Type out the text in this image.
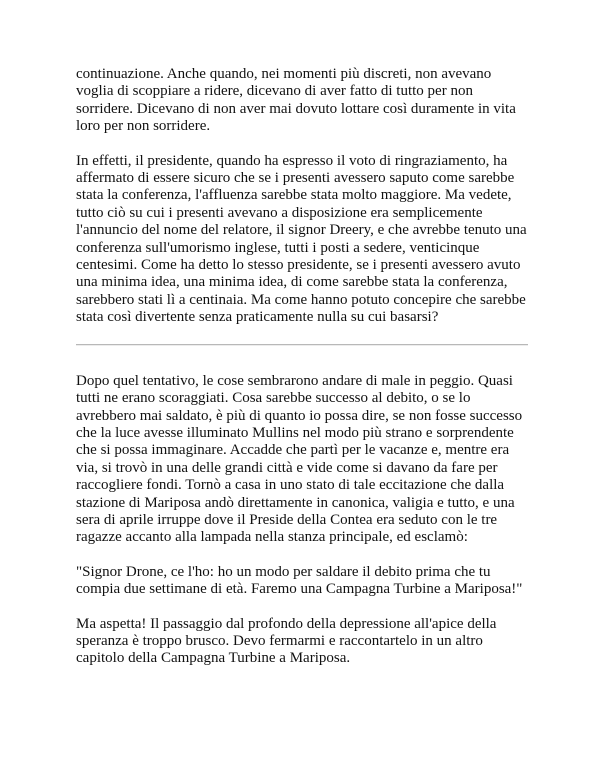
continuazione. Anche quando, nei momenti più discreti, non avevano voglia di scoppiare a ridere, dicevano di aver fatto di tutto per non sorridere. Dicevano di non aver mai dovuto lottare così duramente in vita loro per non sorridere.

In effetti, il presidente, quando ha espresso il voto di ringraziamento, ha affermato di essere sicuro che se i presenti avessero saputo come sarebbe stata la conferenza, l'affluenza sarebbe stata molto maggiore. Ma vedete, tutto ciò su cui i presenti avevano a disposizione era semplicemente l'annuncio del nome del relatore, il signor Dreery, e che avrebbe tenuto una conferenza sull'umorismo inglese, tutti i posti a sedere, venticinque centesimi. Come ha detto lo stesso presidente, se i presenti avessero avuto una minima idea, una minima idea, di come sarebbe stata la conferenza, sarebbero stati lì a centinaia. Ma come hanno potuto concepire che sarebbe stata così divertente senza praticamente nulla su cui basarsi?

Dopo quel tentativo, le cose sembrarono andare di male in peggio. Quasi tutti ne erano scoraggiati. Cosa sarebbe successo al debito, o se lo avrebbero mai saldato, è più di quanto io possa dire, se non fosse successo che la luce avesse illuminato Mullins nel modo più strano e sorprendente che si possa immaginare. Accadde che partì per le vacanze e, mentre era via, si trovò in una delle grandi città e vide come si davano da fare per raccogliere fondi. Tornò a casa in uno stato di tale eccitazione che dalla stazione di Mariposa andò direttamente in canonica, valigia e tutto, e una sera di aprile irruppe dove il Preside della Contea era seduto con le tre ragazze accanto alla lampada nella stanza principale, ed esclamò:

"Signor Drone, ce l'ho: ho un modo per saldare il debito prima che tu compia due settimane di età. Faremo una Campagna Turbine a Mariposa!"

Ma aspetta! Il passaggio dal profondo della depressione all'apice della speranza è troppo brusco. Devo fermarmi e raccontartelo in un altro capitolo della Campagna Turbine a Mariposa.
